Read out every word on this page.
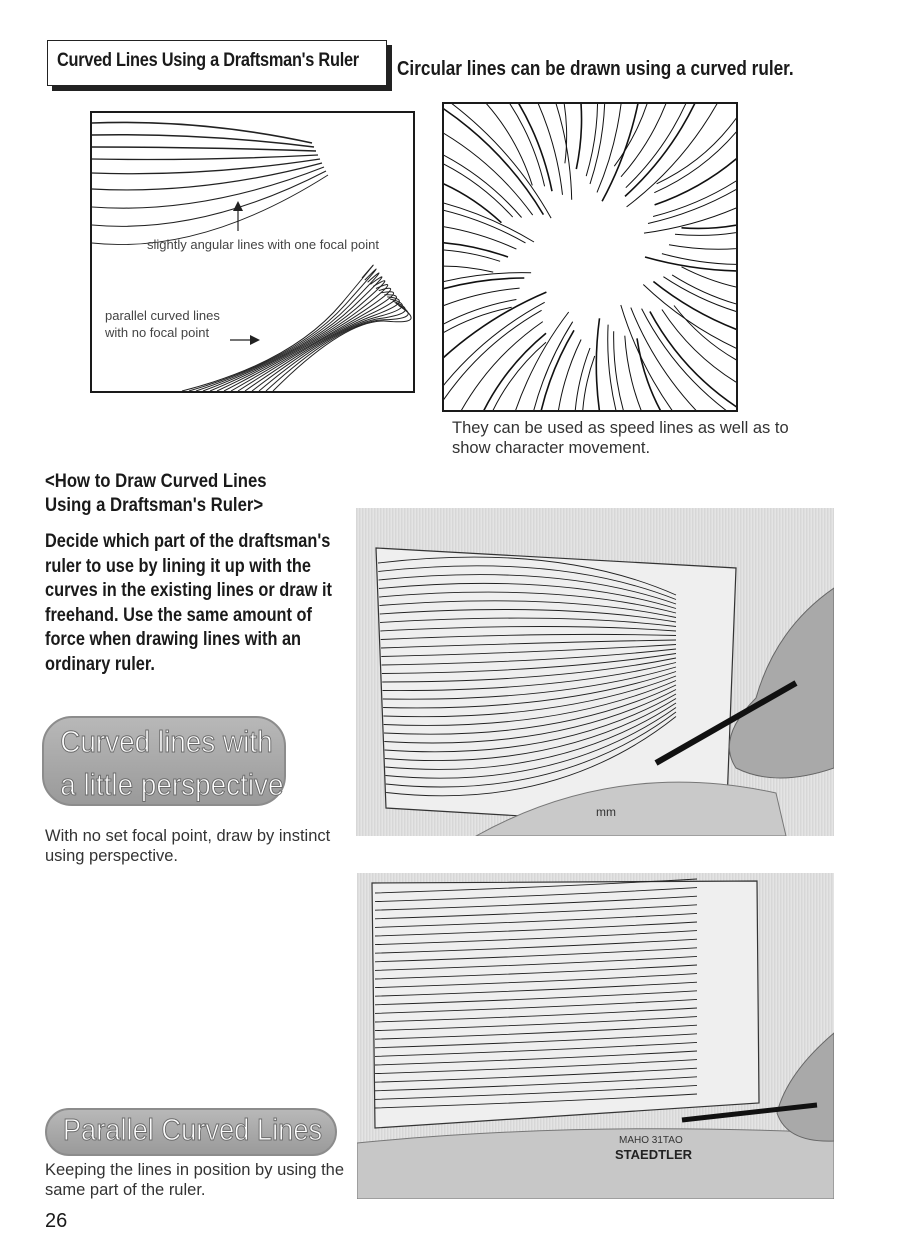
Curved Lines Using a Draftsman's Ruler Circular lines can be drawn using a curved ruler.
slightly angular lines with one focal point
parallel curved lines
with no focal point
They can be used as speed lines as well as to show character movement.
<How to Draw Curved Lines
Using a Draftsman's Ruler>
Decide which part of the draftsman's ruler to use by lining it up with the curves in the existing lines or draw it freehand. Use the same amount of force when drawing lines with an ordinary ruler.
Curved lines with
a little perspective
With no set focal point, draw by instinct using perspective.
mm
MAHO 31TAO
STAEDTLER
Parallel Curved Lines
Keeping the lines in position by using the same part of the ruler.
26
